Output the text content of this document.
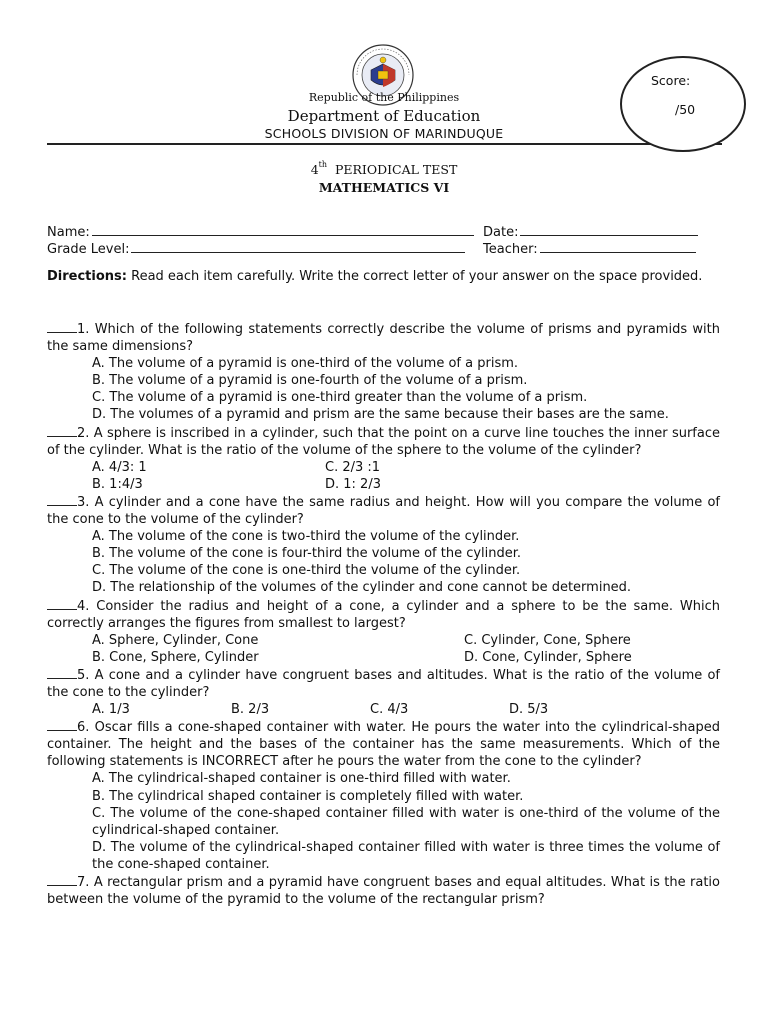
Republic of the Philippines
Department of Education
SCHOOLS DIVISION OF MARINDUQUE
Score:
/50
4th PERIODICAL TEST
MATHEMATICS VI
Name:	Date:
Grade Level:	Teacher:
Directions: Read each item carefully. Write the correct letter of your answer on the space provided.

1. Which of the following statements correctly describe the volume of prisms and pyramids with the same dimensions?

A. The volume of a pyramid is one-third of the volume of a prism.

B. The volume of a pyramid is one-fourth of the volume of a prism.

C. The volume of a pyramid is one-third greater than the volume of a prism.

D. The volumes of a pyramid and prism are the same because their bases are the same.

2. A sphere is inscribed in a cylinder, such that the point on a curve line touches the inner surface of the cylinder. What is the ratio of the volume of the sphere to the volume of the cylinder?

A. 4/3: 1	C. 2/3 :1
B. 1:4/3	D. 1: 2/3

3. A cylinder and a cone have the same radius and height. How will you compare the volume of the cone to the volume of the cylinder?

A. The volume of the cone is two-third the volume of the cylinder.

B. The volume of the cone is four-third the volume of the cylinder.

C. The volume of the cone is one-third the volume of the cylinder.

D. The relationship of the volumes of the cylinder and cone cannot be determined.

4. Consider the radius and height of a cone, a cylinder and a sphere to be the same. Which correctly arranges the figures from smallest to largest?

A. Sphere, Cylinder, Cone	C. Cylinder, Cone, Sphere
B. Cone, Sphere, Cylinder	D. Cone, Cylinder, Sphere

5. A cone and a cylinder have congruent bases and altitudes. What is the ratio of the volume of the cone to the cylinder?

A. 1/3	B. 2/3	C. 4/3	D. 5/3

6. Oscar fills a cone-shaped container with water. He pours the water into the cylindrical-shaped container. The height and the bases of the container has the same measurements. Which of the following statements is INCORRECT after he pours the water from the cone to the cylinder?

A. The cylindrical-shaped container is one-third filled with water.

B. The cylindrical shaped container is completely filled with water.

C. The volume of the cone-shaped container filled with water is one-third of the volume of the cylindrical-shaped container.

D. The volume of the cylindrical-shaped container filled with water is three times the volume of the cone-shaped container.

7. A rectangular prism and a pyramid have congruent bases and equal altitudes. What is the ratio between the volume of the pyramid to the volume of the rectangular prism?
